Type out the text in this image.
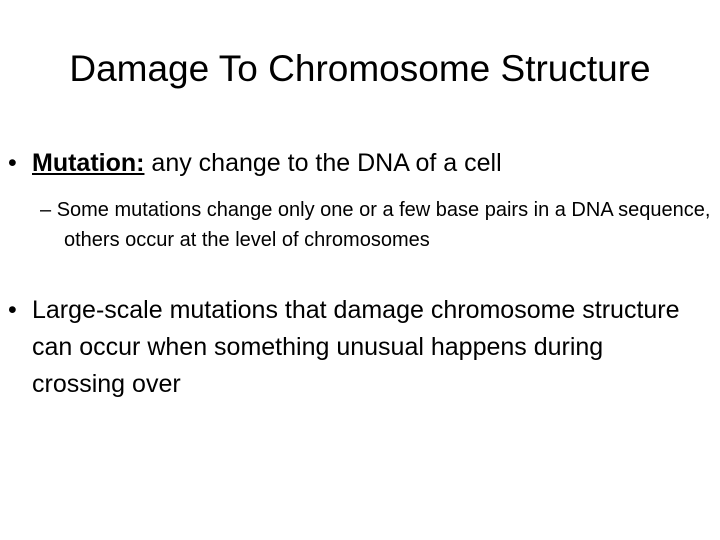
Damage To Chromosome Structure
• Mutation: any change to the DNA of a cell
– Some mutations change only one or a few base pairs in a DNA sequence, others occur at the level of chromosomes
• Large-scale mutations that damage chromosome structure can occur when something unusual happens during crossing over
